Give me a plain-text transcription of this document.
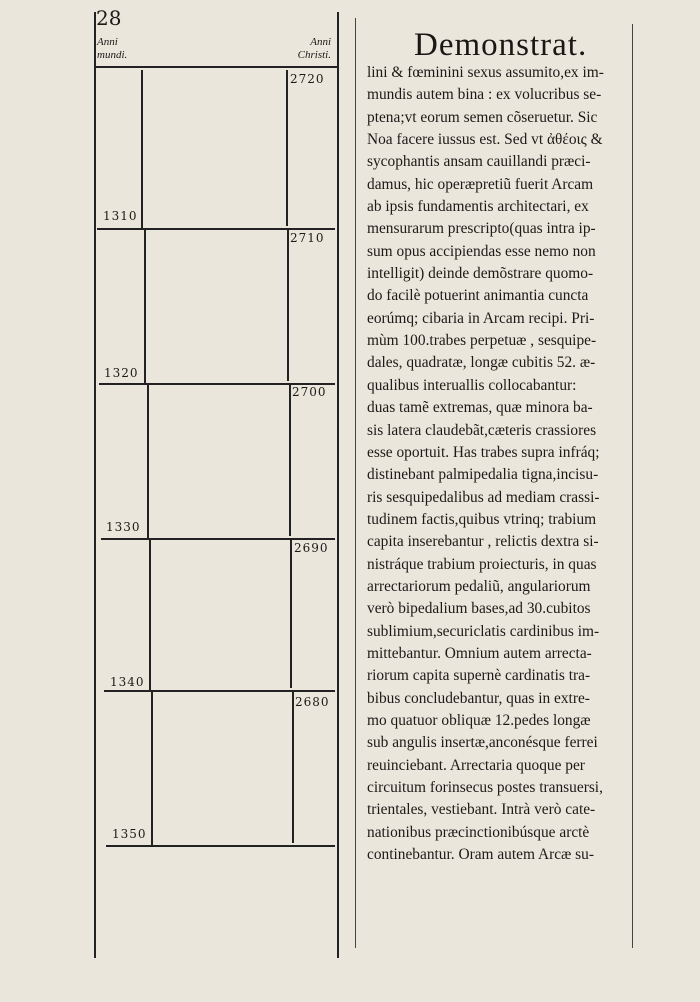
28
Anni
mundi.
Anni
Christi.
2720
1310
2710
1320
2700
1330
2690
1340
2680
1350
Demonstrat.
lini & fœminini sexus assumito,ex im-
mundis autem bina : ex volucribus se-
ptena;vt eorum semen cõseruetur. Sic
Noa facere iussus est. Sed vt ἀθέοις &
sycophantis ansam cauillandi præci-
damus, hic operæpretiũ fuerit Arcam
ab ipsis fundamentis architectari, ex
mensurarum prescripto(quas intra ip-
sum opus accipiendas esse nemo non
intelligit) deinde demõstrare quomo-
do facilè potuerint animantia cuncta
eorúmq; cibaria in Arcam recipi. Pri-
mùm 100.trabes perpetuæ , sesquipe-
dales, quadratæ, longæ cubitis 52. æ-
qualibus interuallis collocabantur:
duas tamẽ extremas, quæ minora ba-
sis latera claudebãt,cæteris crassiores
esse oportuit. Has trabes supra infráq;
distinebant palmipedalia tigna,incisu-
ris sesquipedalibus ad mediam crassi-
tudinem factis,quibus vtrinq; trabium
capita inserebantur , relictis dextra si-
nistráque trabium proiecturis, in quas
arrectariorum pedaliũ, angulariorum
verò bipedalium bases,ad 30.cubitos
sublimium,securiclatis cardinibus im-
mittebantur. Omnium autem arrecta-
riorum capita supernè cardinatis tra-
bibus concludebantur, quas in extre-
mo quatuor obliquæ 12.pedes longæ
sub angulis insertæ,anconésque ferrei
reuinciebant. Arrectaria quoque per
circuitum forinsecus postes transuersi,
trientales, vestiebant. Intrà verò cate-
nationibus præcinctionibúsque arctè
continebantur. Oram autem Arcæ su-
